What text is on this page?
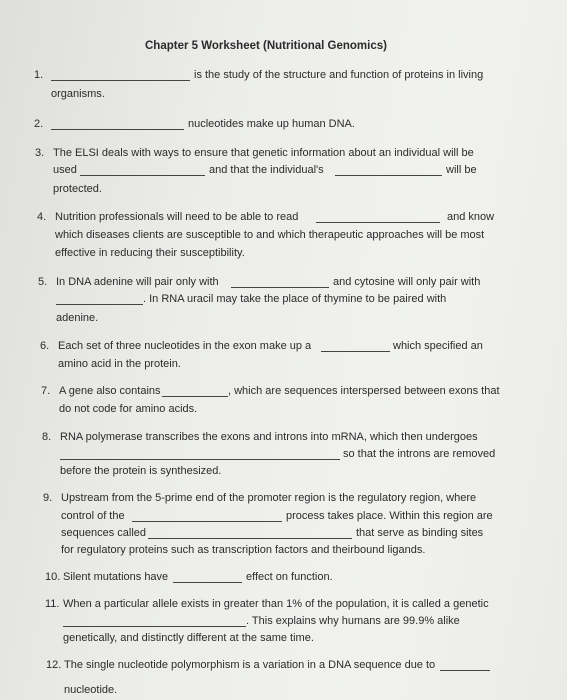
Chapter 5 Worksheet (Nutritional Genomics)
1.	is the study of the structure and function of proteins in living
organisms.
2.	nucleotides make up human DNA.
3. The ELSI deals with ways to ensure that genetic information about an individual will be
used	and that the individual's	will be
protected.
4. Nutrition professionals will need to be able to read	and know
which diseases clients are susceptible to and which therapeutic approaches will be most
effective in reducing their susceptibility.
5. In DNA adenine will pair only with	and cytosine will only pair with
. In RNA uracil may take the place of thymine to be paired with
adenine.
6. Each set of three nucleotides in the exon make up a	which specified an
amino acid in the protein.
7. A gene also contains	, which are sequences interspersed between exons that
do not code for amino acids.
8. RNA polymerase transcribes the exons and introns into mRNA, which then undergoes
so that the introns are removed
before the protein is synthesized.
9. Upstream from the 5-prime end of the promoter region is the regulatory region, where
control of the	process takes place. Within this region are
sequences called	that serve as binding sites
for regulatory proteins such as transcription factors and theirbound ligands.
10. Silent mutations have	effect on function.
11. When a particular allele exists in greater than 1% of the population, it is called a genetic
. This explains why humans are 99.9% alike
genetically, and distinctly different at the same time.
12. The single nucleotide polymorphism is a variation in a DNA sequence due to
nucleotide.
